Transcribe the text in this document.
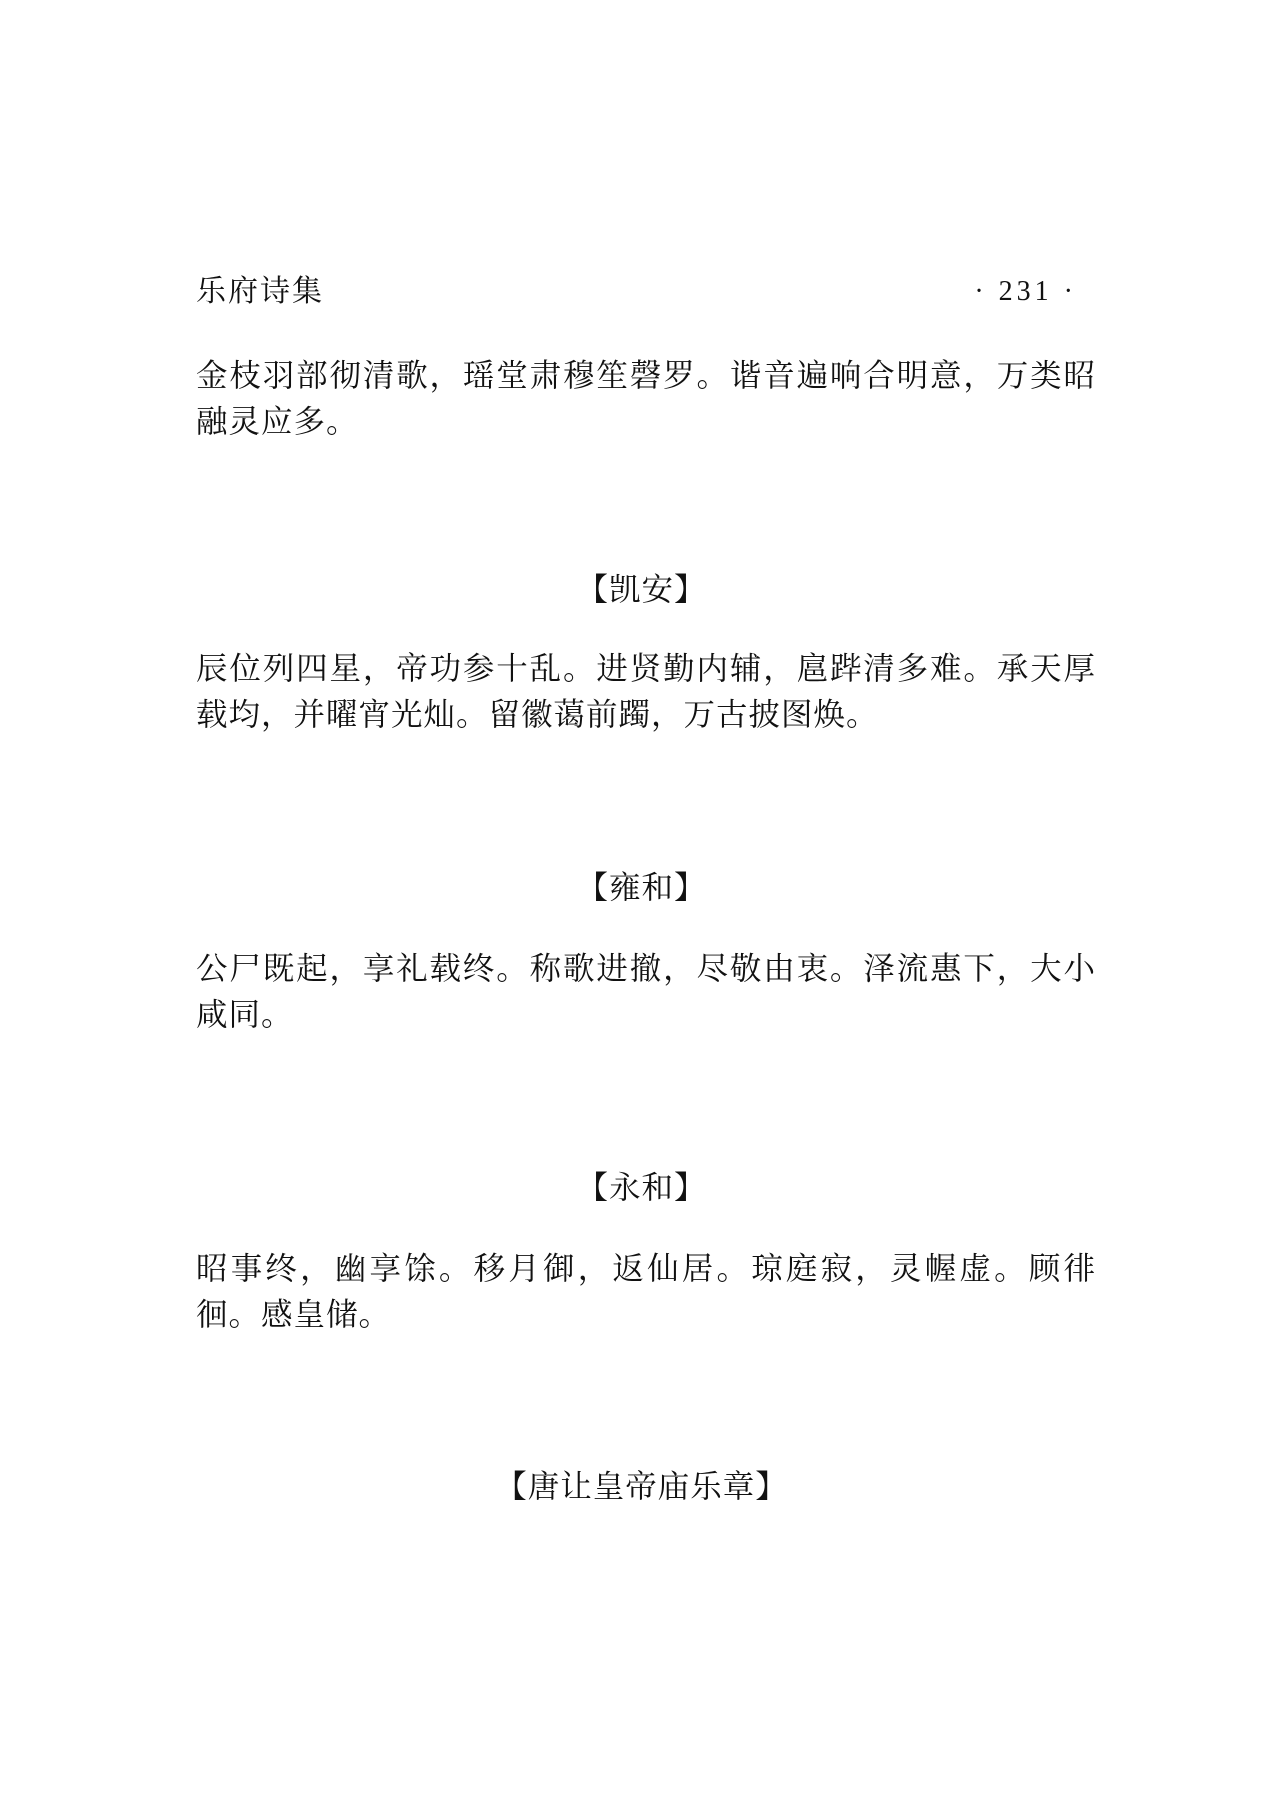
乐府诗集	· 231 ·

金枝羽部彻清歌，瑶堂肃穆笙磬罗。谐音遍响合明意，万类昭融灵应多。

【凯安】

辰位列四星，帝功参十乱。进贤勤内辅，扈跸清多难。承天厚载均，并曜宵光灿。留徽蔼前躅，万古披图焕。

【雍和】

公尸既起，享礼载终。称歌进撤，尽敬由衷。泽流惠下，大小咸同。

【永和】

昭事终，幽享馀。移月御，返仙居。琼庭寂，灵幄虚。顾徘徊。感皇储。

【唐让皇帝庙乐章】
